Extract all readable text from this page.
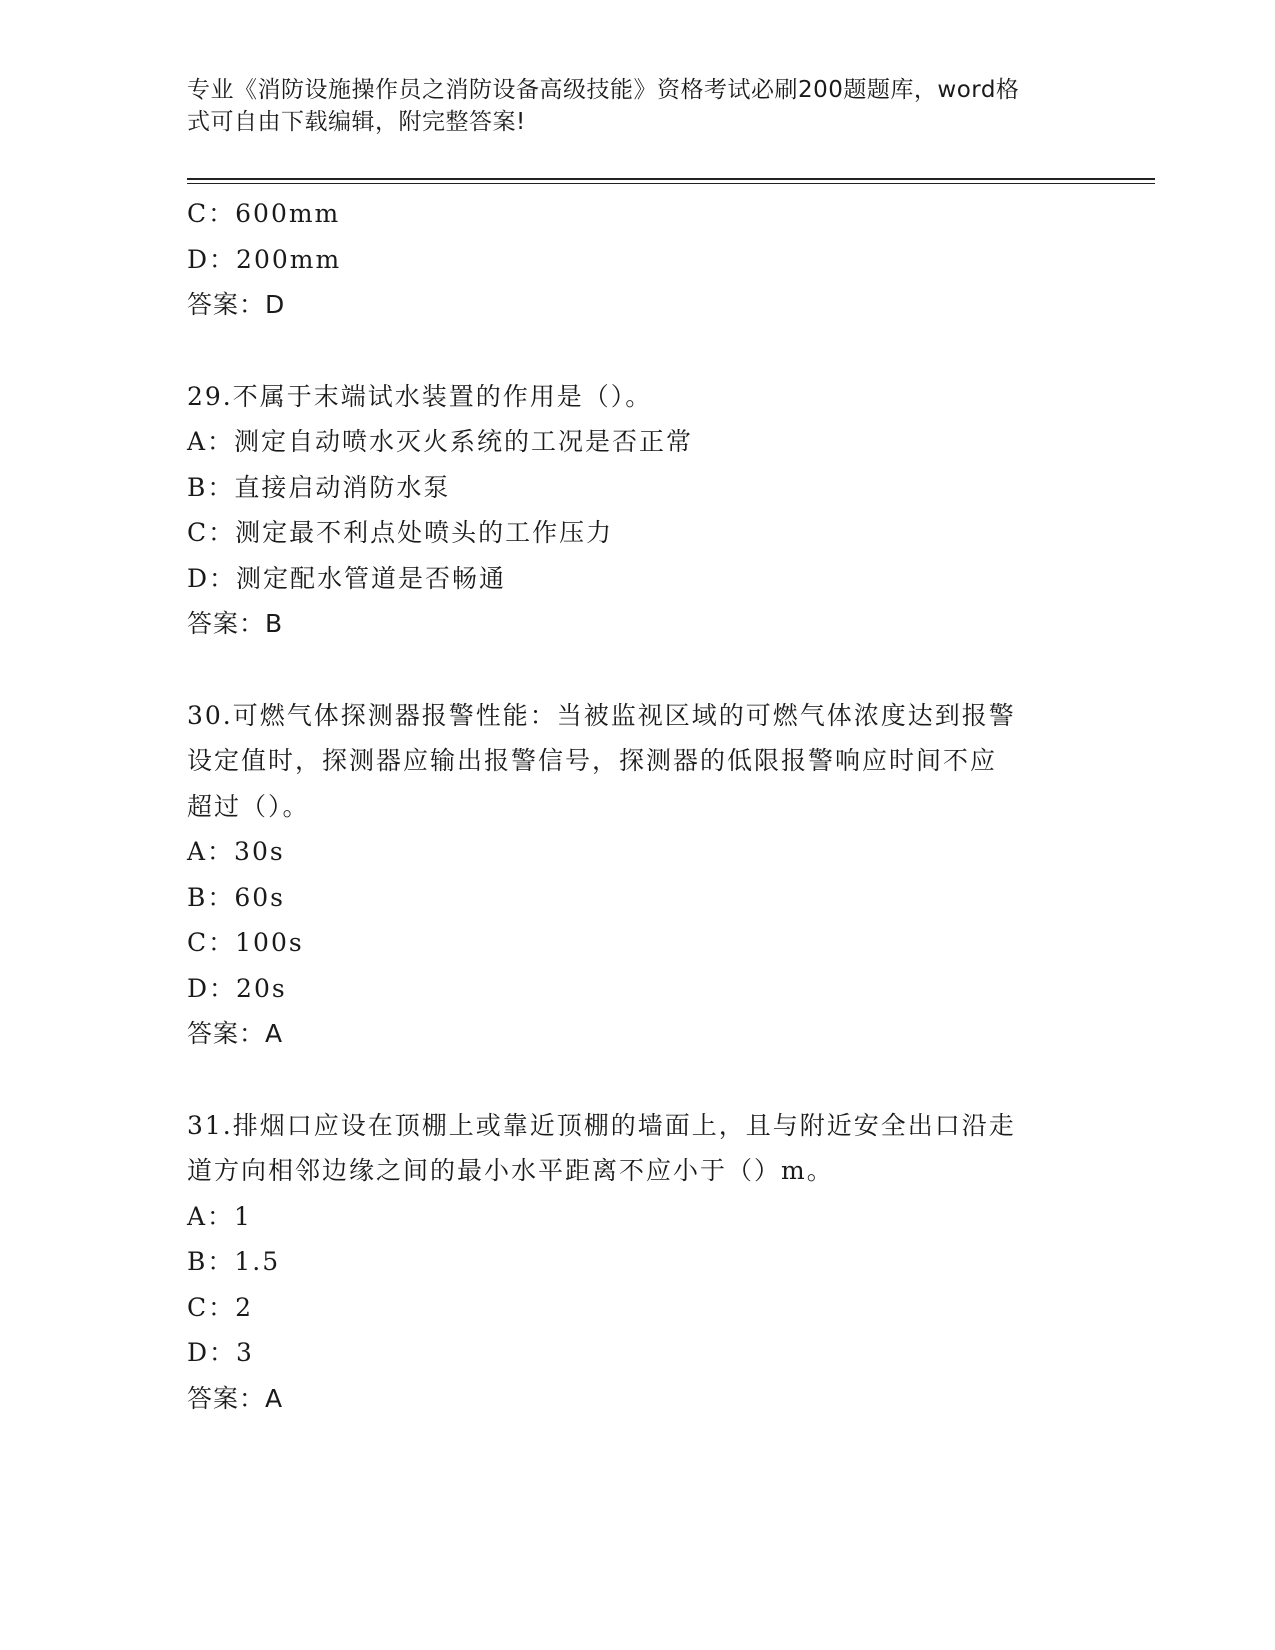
专业《消防设施操作员之消防设备高级技能》资格考试必刷200题题库，word格
式可自由下载编辑，附完整答案!
C：600mm
D：200mm
答案：D
29.不属于末端试水装置的作用是（）。
A：测定自动喷水灭火系统的工况是否正常
B：直接启动消防水泵
C：测定最不利点处喷头的工作压力
D：测定配水管道是否畅通
答案：B
30.可燃气体探测器报警性能：当被监视区域的可燃气体浓度达到报警
设定值时，探测器应输出报警信号，探测器的低限报警响应时间不应
超过（）。
A：30s
B：60s
C：100s
D：20s
答案：A
31.排烟口应设在顶棚上或靠近顶棚的墙面上，且与附近安全出口沿走
道方向相邻边缘之间的最小水平距离不应小于（）m。
A：1
B：1.5
C：2
D：3
答案：A
